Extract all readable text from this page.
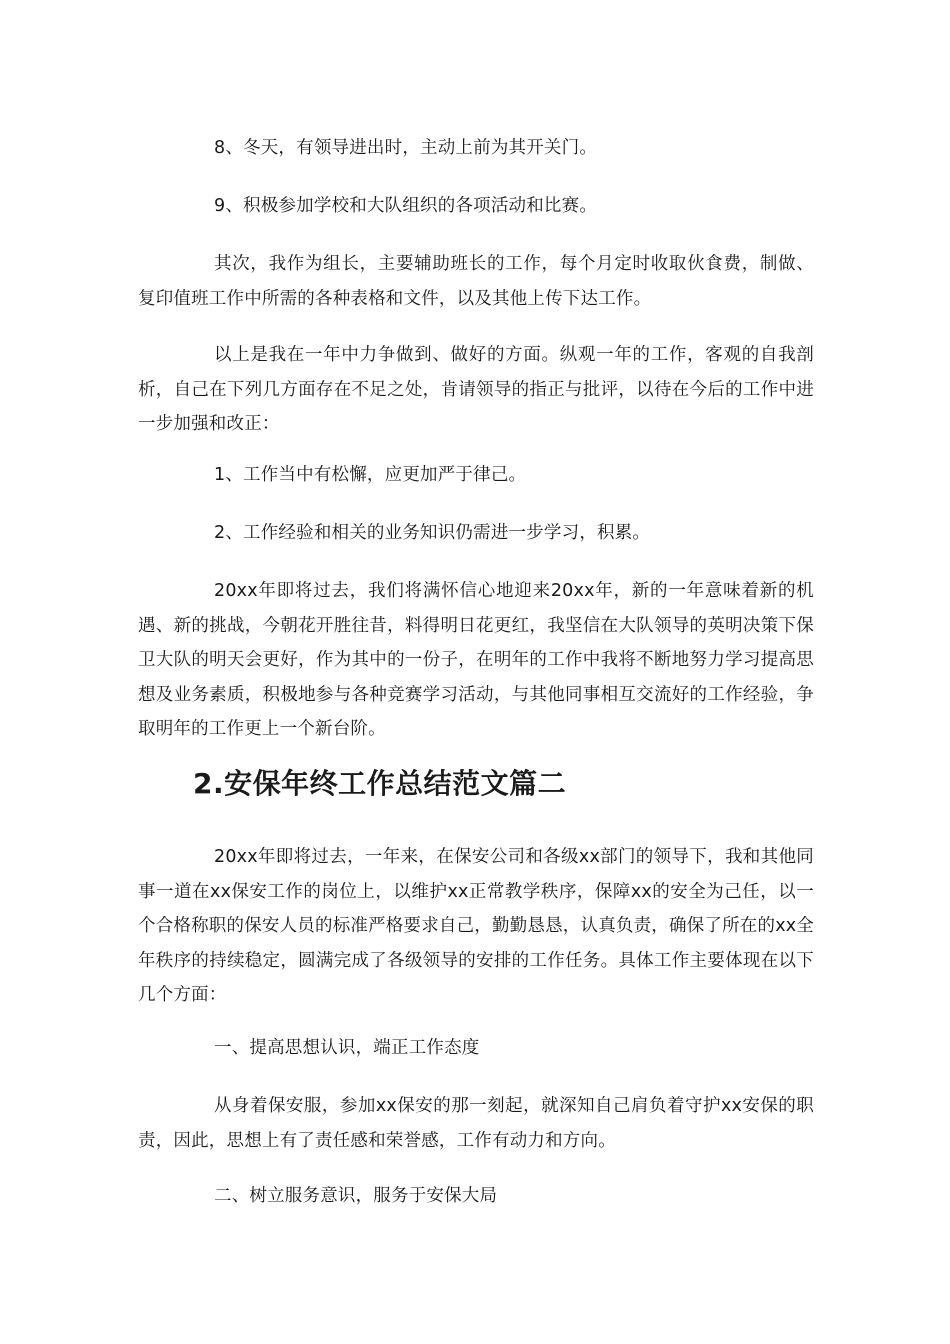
8、冬天，有领导进出时，主动上前为其开关门。

9、积极参加学校和大队组织的各项活动和比赛。

其次，我作为组长，主要辅助班长的工作，每个月定时收取伙食费，制做、复印值班工作中所需的各种表格和文件，以及其他上传下达工作。

以上是我在一年中力争做到、做好的方面。纵观一年的工作，客观的自我剖析，自己在下列几方面存在不足之处，肯请领导的指正与批评，以待在今后的工作中进一步加强和改正：

1、工作当中有松懈，应更加严于律己。

2、工作经验和相关的业务知识仍需进一步学习，积累。

20xx年即将过去，我们将满怀信心地迎来20xx年，新的一年意味着新的机遇、新的挑战，今朝花开胜往昔，料得明日花更红，我坚信在大队领导的英明决策下保卫大队的明天会更好，作为其中的一份子，在明年的工作中我将不断地努力学习提高思想及业务素质，积极地参与各种竞赛学习活动，与其他同事相互交流好的工作经验，争取明年的工作更上一个新台阶。

2.安保年终工作总结范文篇二

20xx年即将过去，一年来，在保安公司和各级xx部门的领导下，我和其他同事一道在xx保安工作的岗位上，以维护xx正常教学秩序，保障xx的安全为己任，以一个合格称职的保安人员的标准严格要求自己，勤勤恳恳，认真负责，确保了所在的xx全年秩序的持续稳定，圆满完成了各级领导的安排的工作任务。具体工作主要体现在以下几个方面：

一、提高思想认识，端正工作态度

从身着保安服，参加xx保安的那一刻起，就深知自己肩负着守护xx安保的职责，因此，思想上有了责任感和荣誉感，工作有动力和方向。

二、树立服务意识，服务于安保大局
